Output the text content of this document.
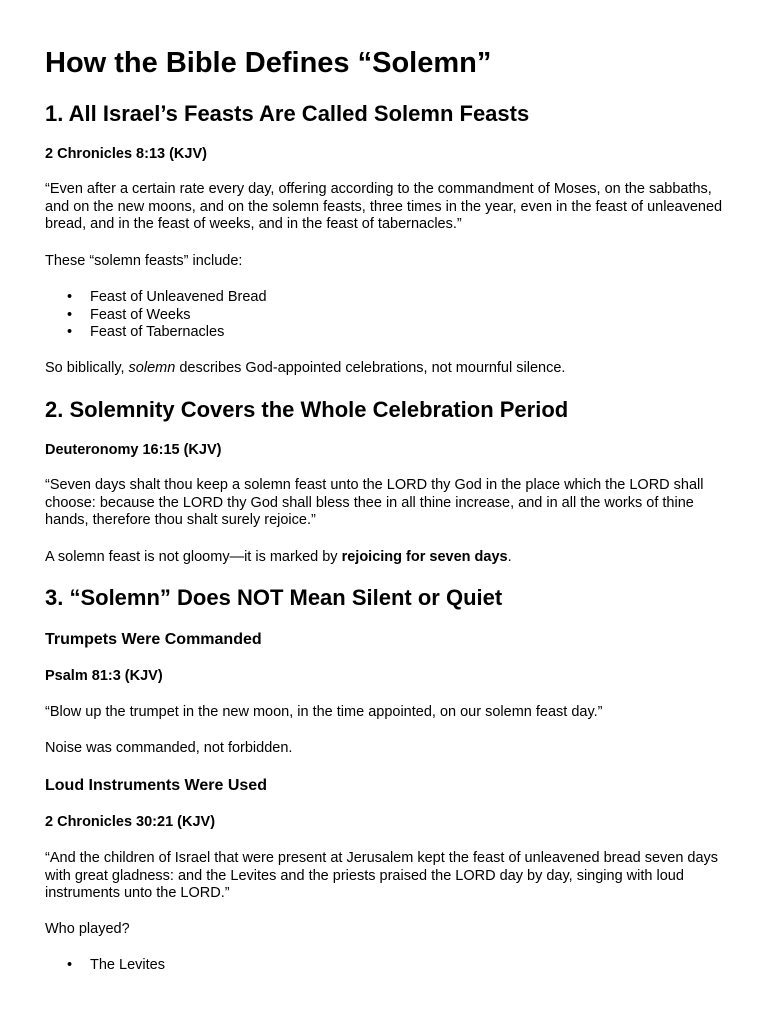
How the Bible Defines “Solemn”
1. All Israel’s Feasts Are Called Solemn Feasts

2 Chronicles 8:13 (KJV)

“Even after a certain rate every day, offering according to the commandment of Moses, on the sabbaths, and on the new moons, and on the solemn feasts, three times in the year, even in the feast of unleavened bread, and in the feast of weeks, and in the feast of tabernacles.”

These “solemn feasts” include:

• Feast of Unleavened Bread
• Feast of Weeks
• Feast of Tabernacles

So biblically, solemn describes God-appointed celebrations, not mournful silence.

2. Solemnity Covers the Whole Celebration Period

Deuteronomy 16:15 (KJV)

“Seven days shalt thou keep a solemn feast unto the LORD thy God in the place which the LORD shall choose: because the LORD thy God shall bless thee in all thine increase, and in all the works of thine hands, therefore thou shalt surely rejoice.”

A solemn feast is not gloomy—it is marked by rejoicing for seven days.

3. “Solemn” Does NOT Mean Silent or Quiet
Trumpets Were Commanded

Psalm 81:3 (KJV)

“Blow up the trumpet in the new moon, in the time appointed, on our solemn feast day.”

Noise was commanded, not forbidden.

Loud Instruments Were Used

2 Chronicles 30:21 (KJV)

“And the children of Israel that were present at Jerusalem kept the feast of unleavened bread seven days with great gladness: and the Levites and the priests praised the LORD day by day, singing with loud instruments unto the LORD.”

Who played?

• The Levites
